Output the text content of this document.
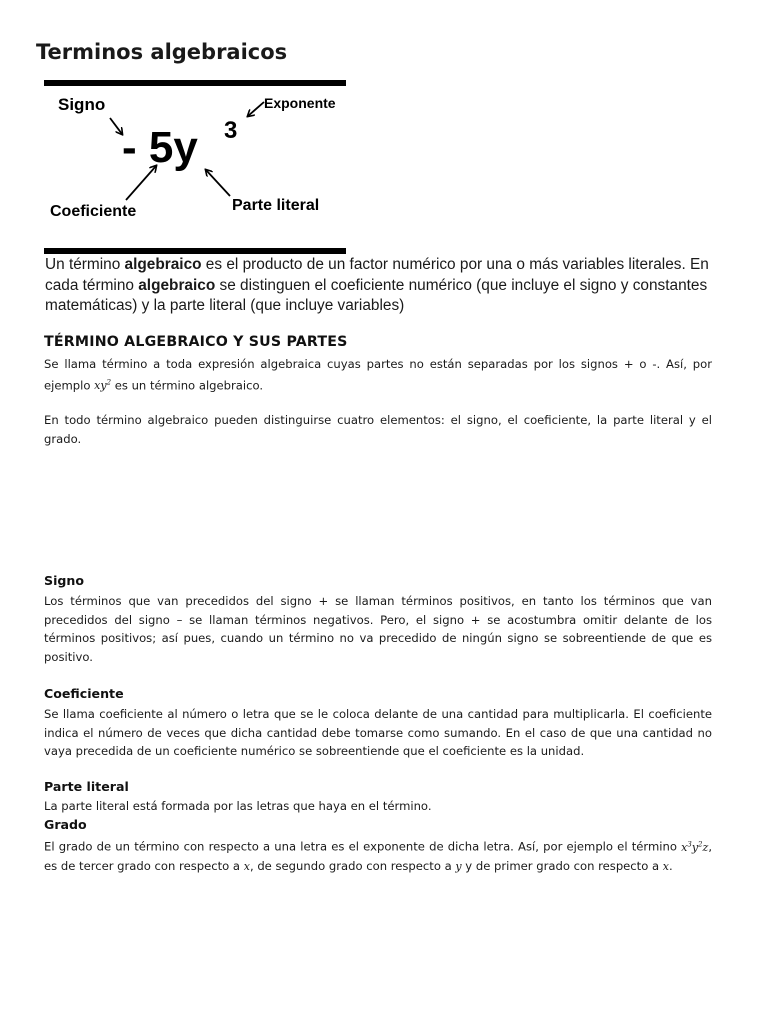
Terminos algebraicos
Signo	Exponente
- 5y 3
Coeficiente	Parte literal

Un término algebraico es el producto de un factor numérico por una o más variables literales. En cada término algebraico se distinguen el coeficiente numérico (que incluye el signo y constantes matemáticas) y la parte literal (que incluye variables)

TÉRMINO ALGEBRAICO Y SUS PARTES

Se llama término a toda expresión algebraica cuyas partes no están separadas por los signos + o -. Así, por ejemplo $xy^2$ es un término algebraico.

En todo término algebraico pueden distinguirse cuatro elementos: el signo, el coeficiente, la parte literal y el grado.

Signo

Los términos que van precedidos del signo + se llaman términos positivos, en tanto los términos que van precedidos del signo – se llaman términos negativos. Pero, el signo + se acostumbra omitir delante de los términos positivos; así pues, cuando un término no va precedido de ningún signo se sobreentiende de que es positivo.

Coeficiente

Se llama coeficiente al número o letra que se le coloca delante de una cantidad para multiplicarla. El coeficiente indica el número de veces que dicha cantidad debe tomarse como sumando. En el caso de que una cantidad no vaya precedida de un coeficiente numérico se sobreentiende que el coeficiente es la unidad.

Parte literal

La parte literal está formada por las letras que haya en el término.

Grado

El grado de un término con respecto a una letra es el exponente de dicha letra. Así, por ejemplo el término $x^3y^2z$, es de tercer grado con respecto a x, de segundo grado con respecto a y y de primer grado con respecto a x.
